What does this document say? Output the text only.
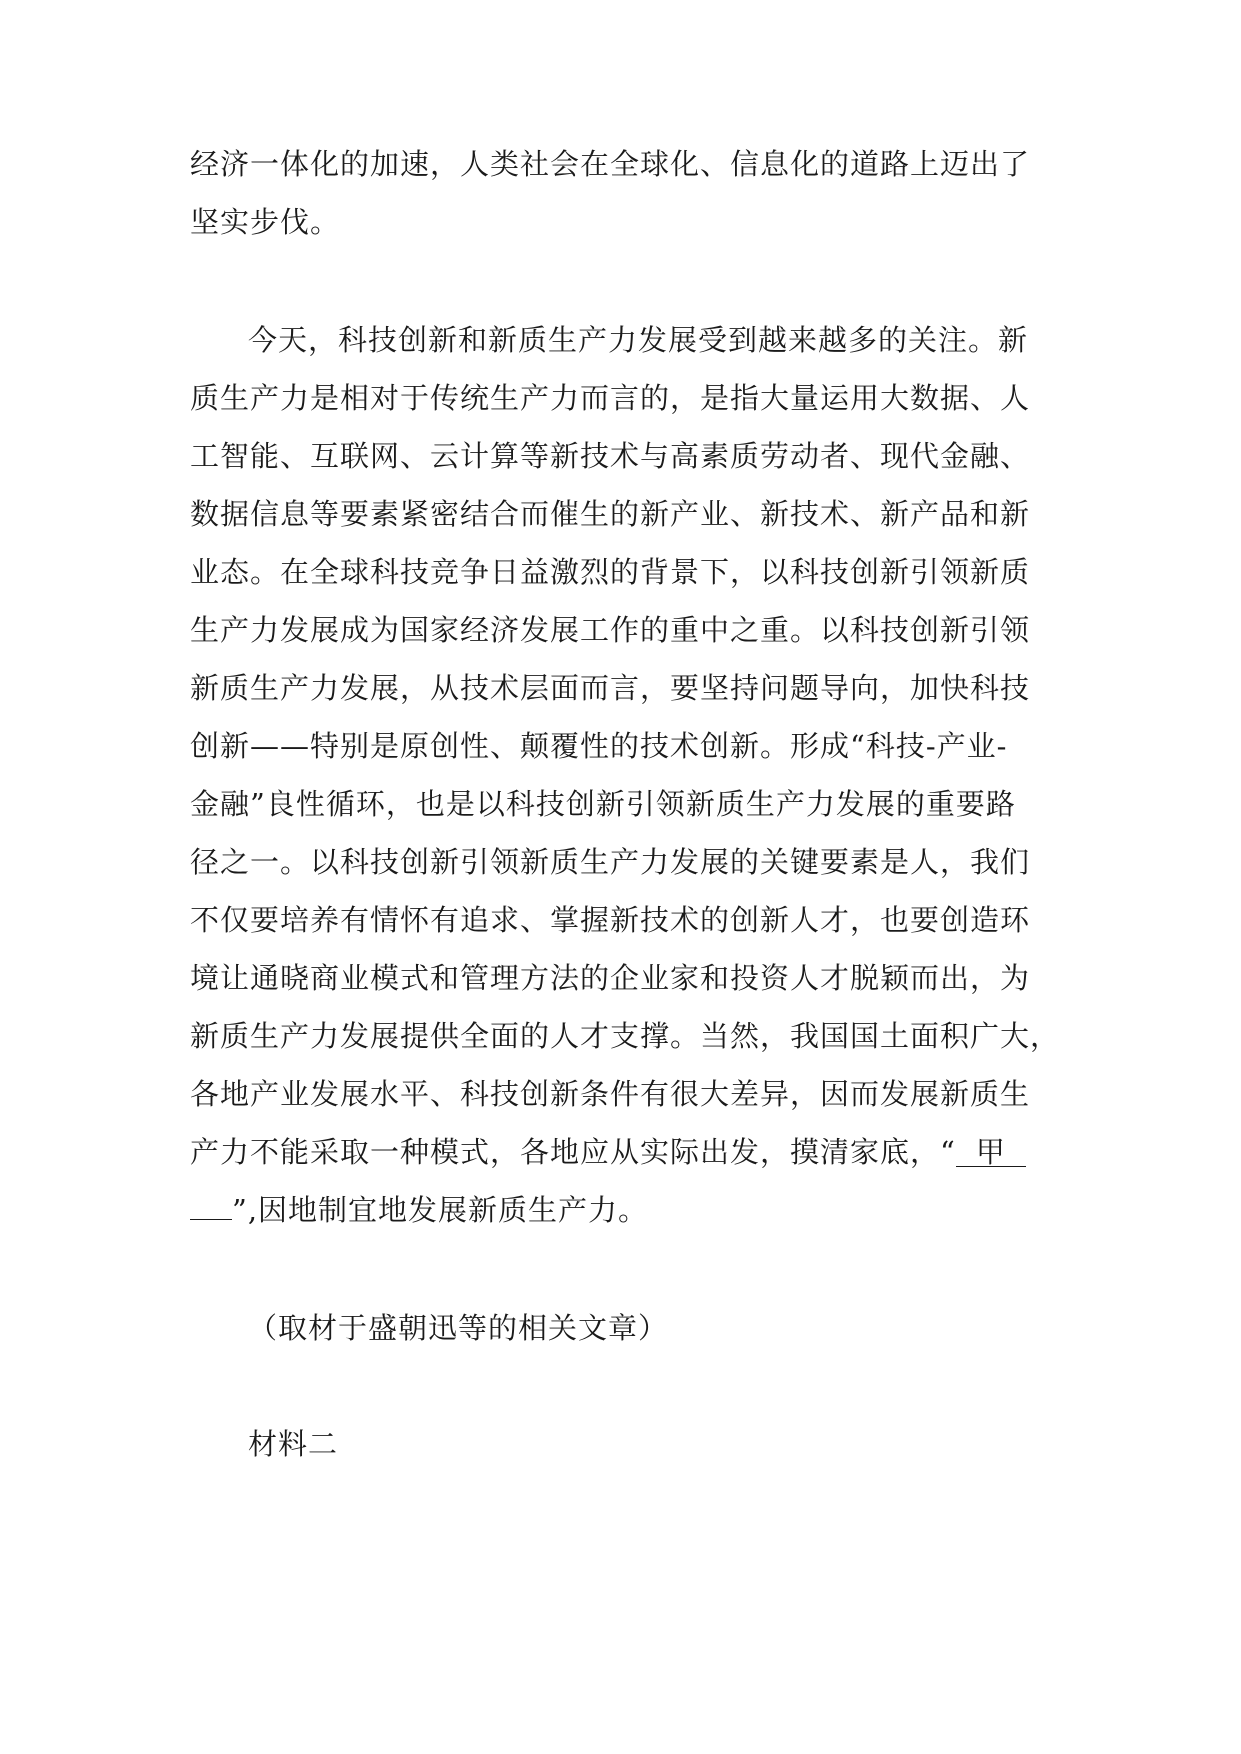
经济一体化的加速，人类社会在全球化、信息化的道路上迈出了
坚实步伐。
今天，科技创新和新质生产力发展受到越来越多的关注。新
质生产力是相对于传统生产力而言的，是指大量运用大数据、人
工智能、互联网、云计算等新技术与高素质劳动者、现代金融、
数据信息等要素紧密结合而催生的新产业、新技术、新产品和新
业态。在全球科技竞争日益激烈的背景下，以科技创新引领新质
生产力发展成为国家经济发展工作的重中之重。以科技创新引领
新质生产力发展，从技术层面而言，要坚持问题导向，加快科技
创新——特别是原创性、颠覆性的技术创新。形成“科技-产业-
金融”良性循环，也是以科技创新引领新质生产力发展的重要路
径之一。以科技创新引领新质生产力发展的关键要素是人，我们
不仅要培养有情怀有追求、掌握新技术的创新人才，也要创造环
境让通晓商业模式和管理方法的企业家和投资人才脱颖而出，为
新质生产力发展提供全面的人才支撑。当然，我国国土面积广大，
各地产业发展水平、科技创新条件有很大差异，因而发展新质生
产力不能采取一种模式，各地应从实际出发，摸清家底，“ 甲
”,因地制宜地发展新质生产力。
（取材于盛朝迅等的相关文章）
材料二
